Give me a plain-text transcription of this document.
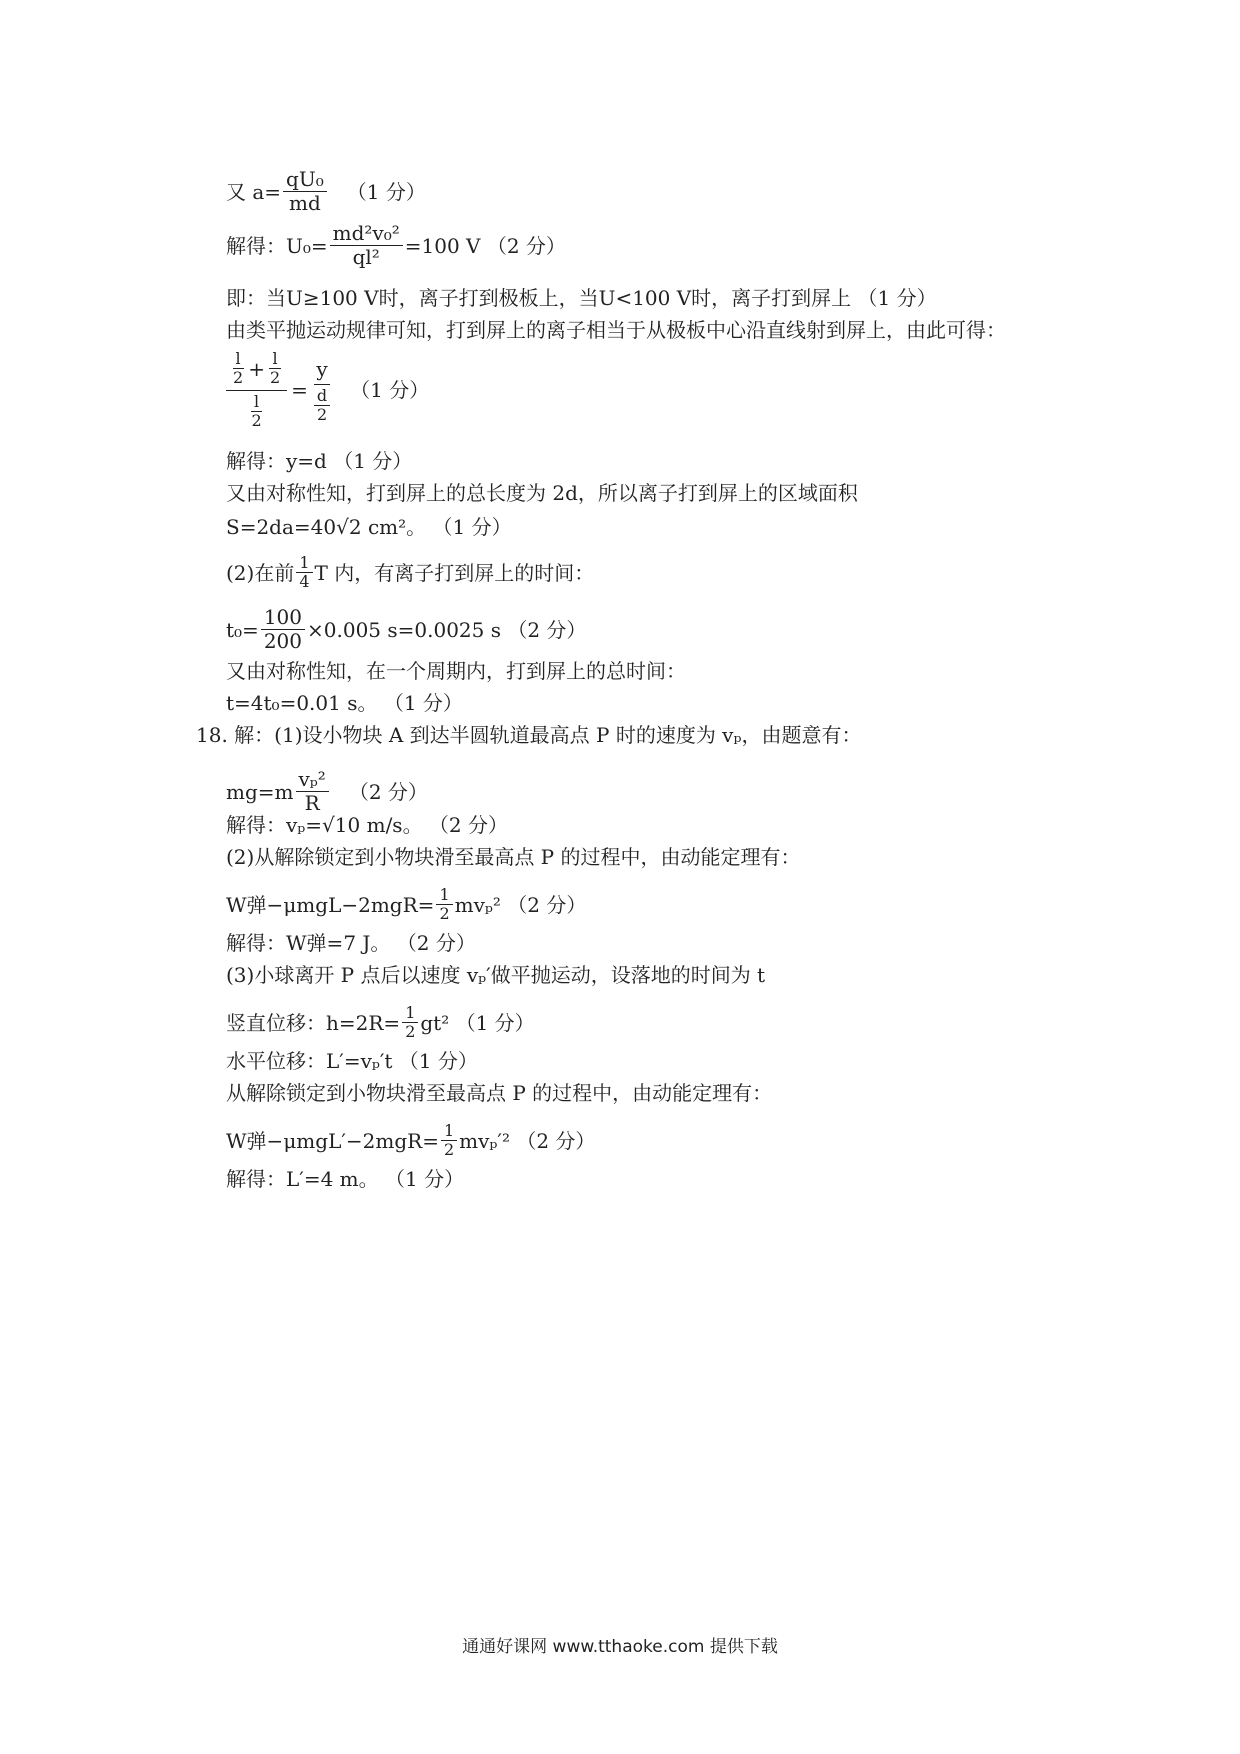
又 $a= \frac{\text{qU₀}}{md} (1$ 分）
解得：$U_0= \frac{\text{md²v₀²}}{\text{ql²}} =100$ V （2 分）
即：当U≥100 V时，离子打到极板上，当U<100 V时，离子打到屏上 （1 分）
由类平抛运动规律可知，打到屏上的离子相当于从极板中心沿直线射到屏上，由此可得：
$\frac{l}{2} + \frac{l}{2}$
$\frac{l}{2}$
= $\frac{y}{\frac{d}{2}} (1$ 分）
解得：y=d （1 分）
又由对称性知，打到屏上的总长度为 2d，所以离子打到屏上的区域面积
S=2da=40√2 cm²。 （1 分）
(2)在前 $\frac{1}{4}$ T 内，有离子打到屏上的时间：
$t_0= \frac{100}{200} \times 0.005$ s=0.0025 s （2 分）
又由对称性知，在一个周期内，打到屏上的总时间：
t=4t₀=0.01 s。 （1 分）
18. 解：(1)设小物块 A 到达半圆轨道最高点 P 时的速度为 vₚ，由题意有：
$mg=m \frac{\text{vₚ²}}{R} (2$ 分）
解得：vₚ=√10 m/s。 （2 分）
(2)从解除锁定到小物块滑至最高点 P 的过程中，由动能定理有：
W弹$-\mu mgL-2mgR= \frac{1}{2} mv_p^2$ （2 分）
解得：W弹=7 J。 （2 分）
(3)小球离开 P 点后以速度 vₚ′做平抛运动，设落地的时间为 t
竖直位移：$h=2R= \frac{1}{2} gt^2$ （1 分）
水平位移：L′=vₚ′t （1 分）
从解除锁定到小物块滑至最高点 P 的过程中，由动能定理有：
W弹$-\mu mgL'-2mgR= \frac{1}{2} mv_p'^2$ （2 分）
解得：L′=4 m。 （1 分）
通通好课网 www.tthaoke.com 提供下载
